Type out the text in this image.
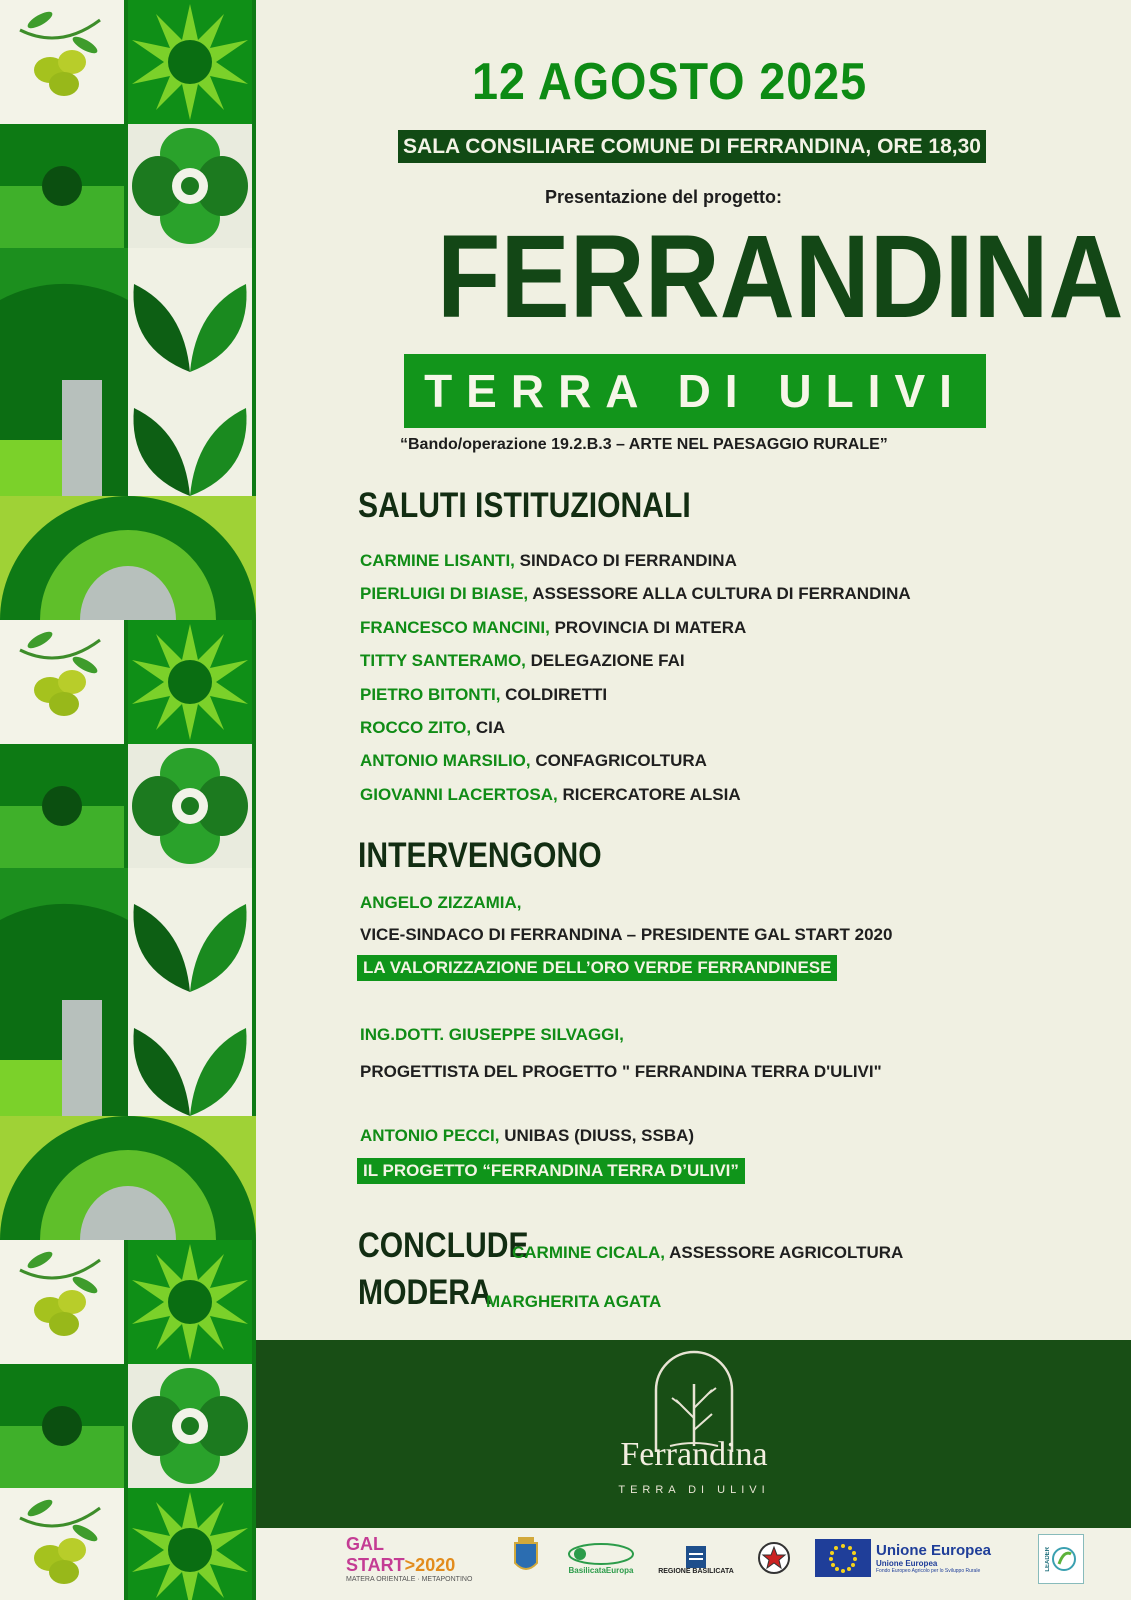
12 AGOSTO 2025
SALA CONSILIARE COMUNE DI FERRANDINA, ORE 18,30
Presentazione del progetto:
FERRANDINA
TERRA DI ULIVI
“Bando/operazione 19.2.B.3 – ARTE NEL PAESAGGIO RURALE”
SALUTI ISTITUZIONALI
CARMINE LISANTI, SINDACO DI FERRANDINA
PIERLUIGI DI BIASE, ASSESSORE ALLA CULTURA DI FERRANDINA
FRANCESCO MANCINI, PROVINCIA DI MATERA
TITTY SANTERAMO, DELEGAZIONE FAI
PIETRO BITONTI, COLDIRETTI
ROCCO ZITO, CIA
ANTONIO MARSILIO, CONFAGRICOLTURA
GIOVANNI LACERTOSA, RICERCATORE ALSIA
INTERVENGONO
ANGELO ZIZZAMIA,
VICE-SINDACO DI FERRANDINA – PRESIDENTE GAL START 2020
LA VALORIZZAZIONE DELL’ORO VERDE FERRANDINESE
ING.DOTT. GIUSEPPE SILVAGGI,
PROGETTISTA DEL PROGETTO " FERRANDINA TERRA D'ULIVI"
ANTONIO PECCI, UNIBAS (DIUSS, SSBA)
IL PROGETTO “FERRANDINA TERRA D’ULIVI”
CONCLUDE
CARMINE CICALA, ASSESSORE AGRICOLTURA
MODERA
MARGHERITA AGATA
Ferrandina
TERRA DI ULIVI
GAL START>2020
MATERA ORIENTALE · METAPONTINO
BasilicataEuropa	REGIONE BASILICATA
Unione Europea
Unione Europea
Fondo Europeo Agricolo per lo Sviluppo Rurale	LEADER
